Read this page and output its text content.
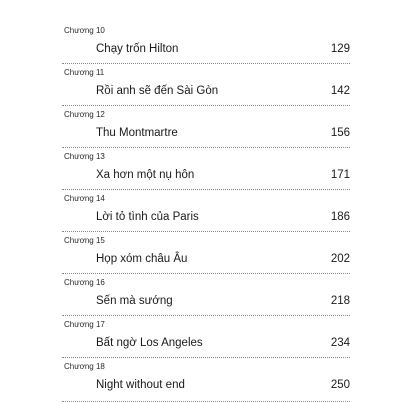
Chương 10
Chạy trốn Hilton	129
Chương 11
Rồi anh sẽ đến Sài Gòn	142
Chương 12
Thu Montmartre	156
Chương 13
Xa hơn một nụ hôn	171
Chương 14
Lời tỏ tình của Paris	186
Chương 15
Họp xóm châu Âu	202
Chương 16
Sến mà sướng	218
Chương 17
Bất ngờ Los Angeles	234
Chương 18
Night without end	250
